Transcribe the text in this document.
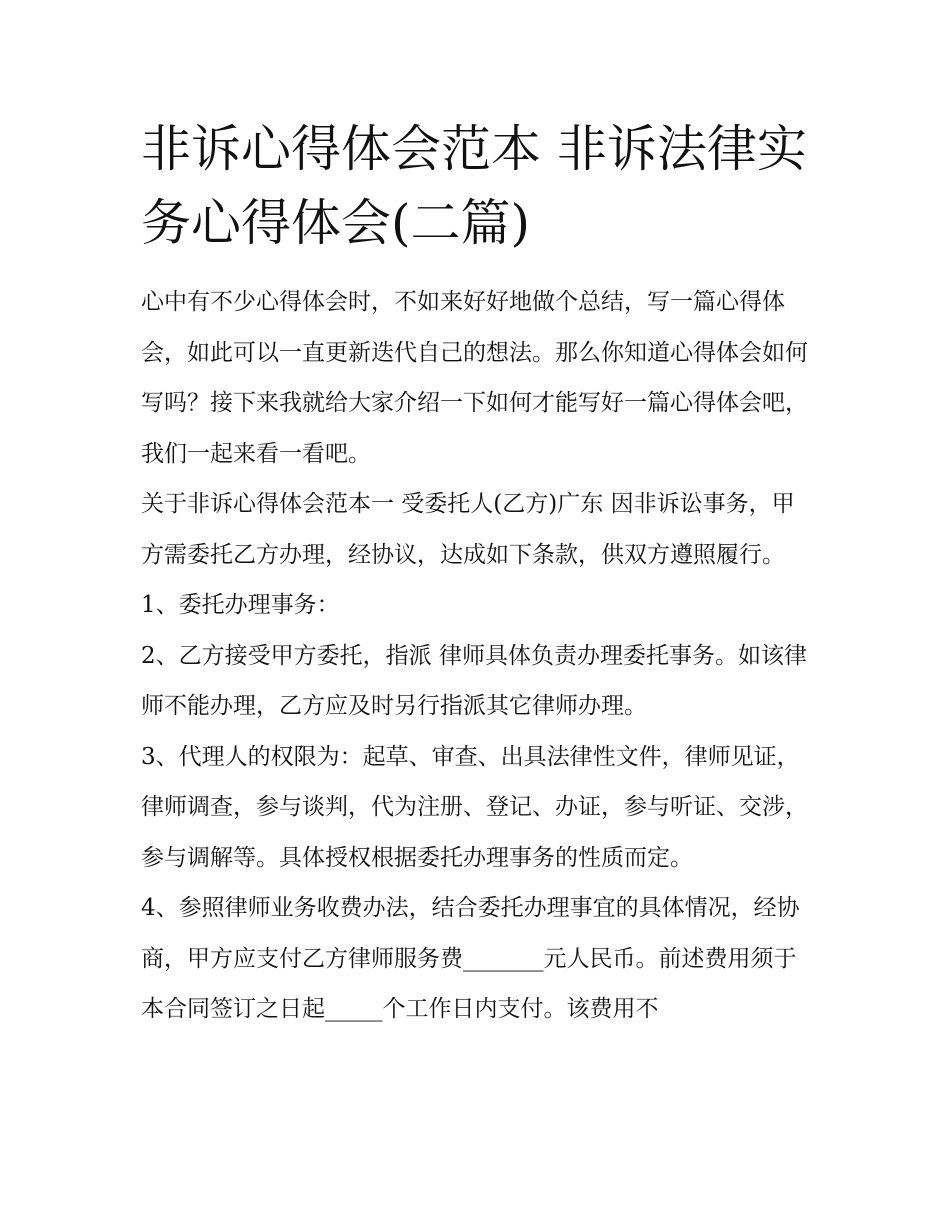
非诉心得体会范本 非诉法律实务心得体会(二篇)

心中有不少心得体会时，不如来好好地做个总结，写一篇心得体会，如此可以一直更新迭代自己的想法。那么你知道心得体会如何写吗？接下来我就给大家介绍一下如何才能写好一篇心得体会吧，我们一起来看一看吧。

关于非诉心得体会范本一 受委托人(乙方)广东 因非诉讼事务，甲方需委托乙方办理，经协议，达成如下条款，供双方遵照履行。 1、委托办理事务：

2、乙方接受甲方委托，指派 律师具体负责办理委托事务。如该律师不能办理，乙方应及时另行指派其它律师办理。

3、代理人的权限为：起草、审查、出具法律性文件，律师见证，律师调查，参与谈判，代为注册、登记、办证，参与听证、交涉，参与调解等。具体授权根据委托办理事务的性质而定。

4、参照律师业务收费办法，结合委托办理事宜的具体情况，经协商，甲方应支付乙方律师服务费_______元人民币。前述费用须于本合同签订之日起_____个工作日内支付。该费用不
